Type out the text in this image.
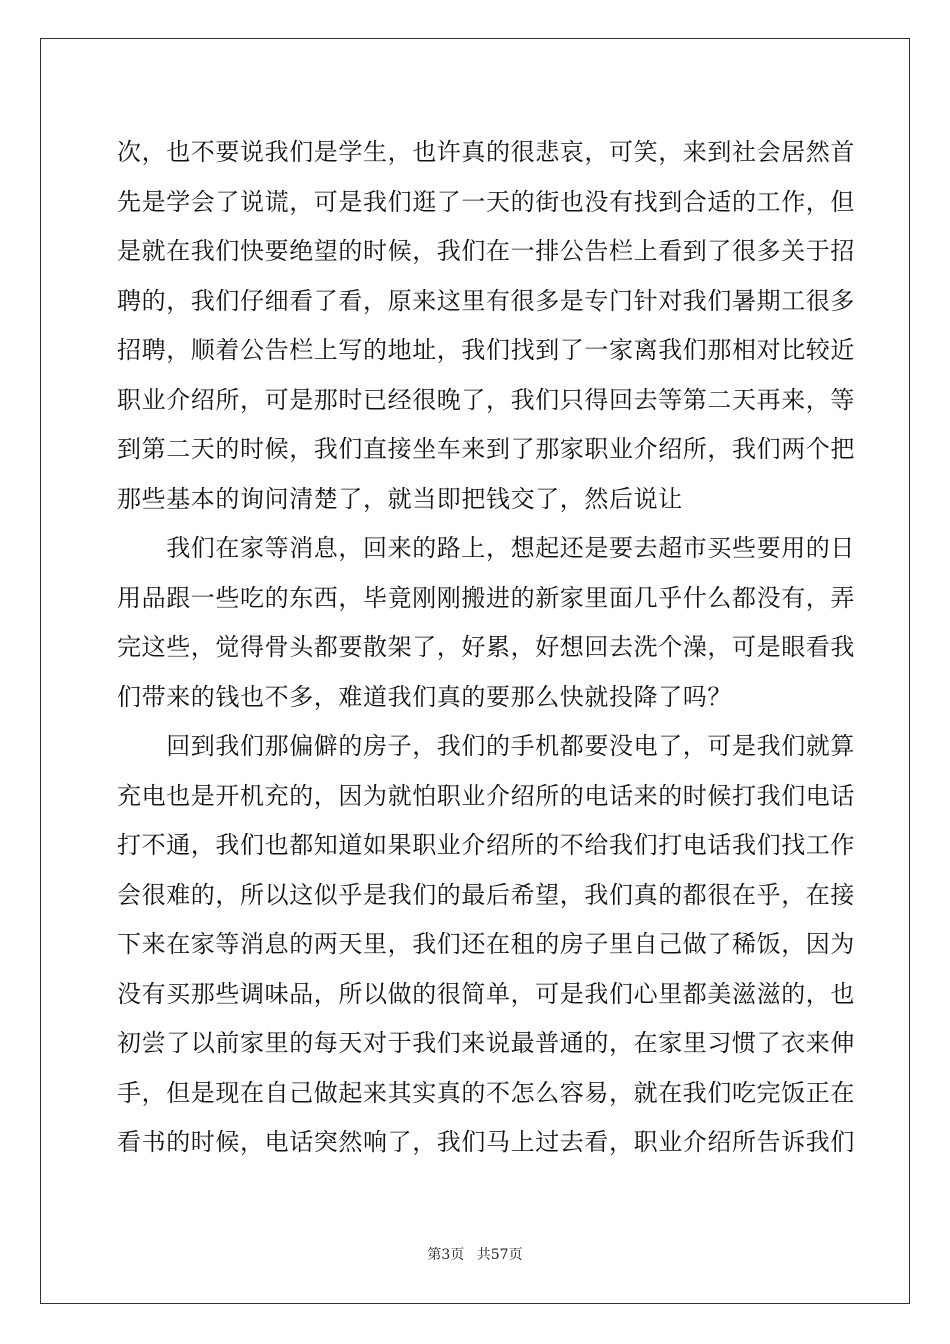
次，也不要说我们是学生，也许真的很悲哀，可笑，来到社会居然首
先是学会了说谎，可是我们逛了一天的街也没有找到合适的工作，但
是就在我们快要绝望的时候，我们在一排公告栏上看到了很多关于招
聘的，我们仔细看了看，原来这里有很多是专门针对我们暑期工很多
招聘，顺着公告栏上写的地址，我们找到了一家离我们那相对比较近
职业介绍所，可是那时已经很晚了，我们只得回去等第二天再来，等
到第二天的时候，我们直接坐车来到了那家职业介绍所，我们两个把
那些基本的询问清楚了，就当即把钱交了，然后说让
　　我们在家等消息，回来的路上，想起还是要去超市买些要用的日
用品跟一些吃的东西，毕竟刚刚搬进的新家里面几乎什么都没有，弄
完这些，觉得骨头都要散架了，好累，好想回去洗个澡，可是眼看我
们带来的钱也不多，难道我们真的要那么快就投降了吗？
　　回到我们那偏僻的房子，我们的手机都要没电了，可是我们就算
充电也是开机充的，因为就怕职业介绍所的电话来的时候打我们电话
打不通，我们也都知道如果职业介绍所的不给我们打电话我们找工作
会很难的，所以这似乎是我们的最后希望，我们真的都很在乎，在接
下来在家等消息的两天里，我们还在租的房子里自己做了稀饭，因为
没有买那些调味品，所以做的很简单，可是我们心里都美滋滋的，也
初尝了以前家里的每天对于我们来说最普通的，在家里习惯了衣来伸
手，但是现在自己做起来其实真的不怎么容易，就在我们吃完饭正在
看书的时候，电话突然响了，我们马上过去看，职业介绍所告诉我们
第3页 共57页
